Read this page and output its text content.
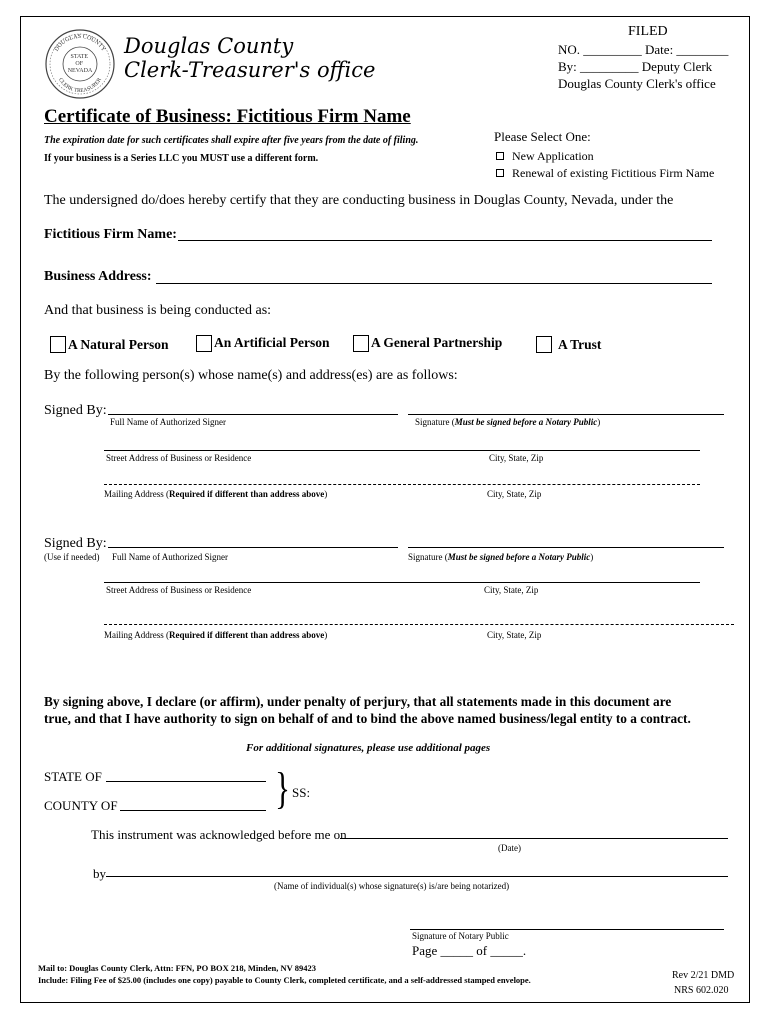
STATE OF NEVADA
DOUGLAS COUNTY
CLERK TREASURER
Douglas County
Clerk-Treasurer's office
FILED
NO. _________ Date: ________
By: _________ Deputy Clerk
Douglas County Clerk's office
Certificate of Business: Fictitious Firm Name
The expiration date for such certificates shall expire after five years from the date of filing.
If your business is a Series LLC you MUST use a different form.
Please Select One:
New Application
Renewal of existing Fictitious Firm Name
The undersigned do/does hereby certify that they are conducting business in Douglas County, Nevada, under the
Fictitious Firm Name:
Business Address:
And that business is being conducted as:
A Natural Person	An Artificial Person	A General Partnership	A Trust
By the following person(s) whose name(s) and address(es) are as follows:
Signed By:
Full Name of Authorized Signer	Signature (Must be signed before a Notary Public)
Street Address of Business or Residence	City, State, Zip
Mailing Address (Required if different than address above)	City, State, Zip
Signed By:
(Use if needed) Full Name of Authorized Signer	Signature (Must be signed before a Notary Public)
Street Address of Business or Residence	City, State, Zip
Mailing Address (Required if different than address above)	City, State, Zip
By signing above, I declare (or affirm), under penalty of perjury, that all statements made in this document are
true, and that I have authority to sign on behalf of and to bind the above named business/legal entity to a contract.
For additional signatures, please use additional pages
STATE OF
COUNTY OF	} SS:
This instrument was acknowledged before me on
(Date)
by
(Name of individual(s) whose signature(s) is/are being notarized)
Signature of Notary Public
Page _____ of _____.
Mail to: Douglas County Clerk, Attn: FFN, PO BOX 218, Minden, NV 89423
Include: Filing Fee of $25.00 (includes one copy) payable to County Clerk, completed certificate, and a self-addressed stamped envelope.	Rev 2/21 DMD
NRS 602.020
